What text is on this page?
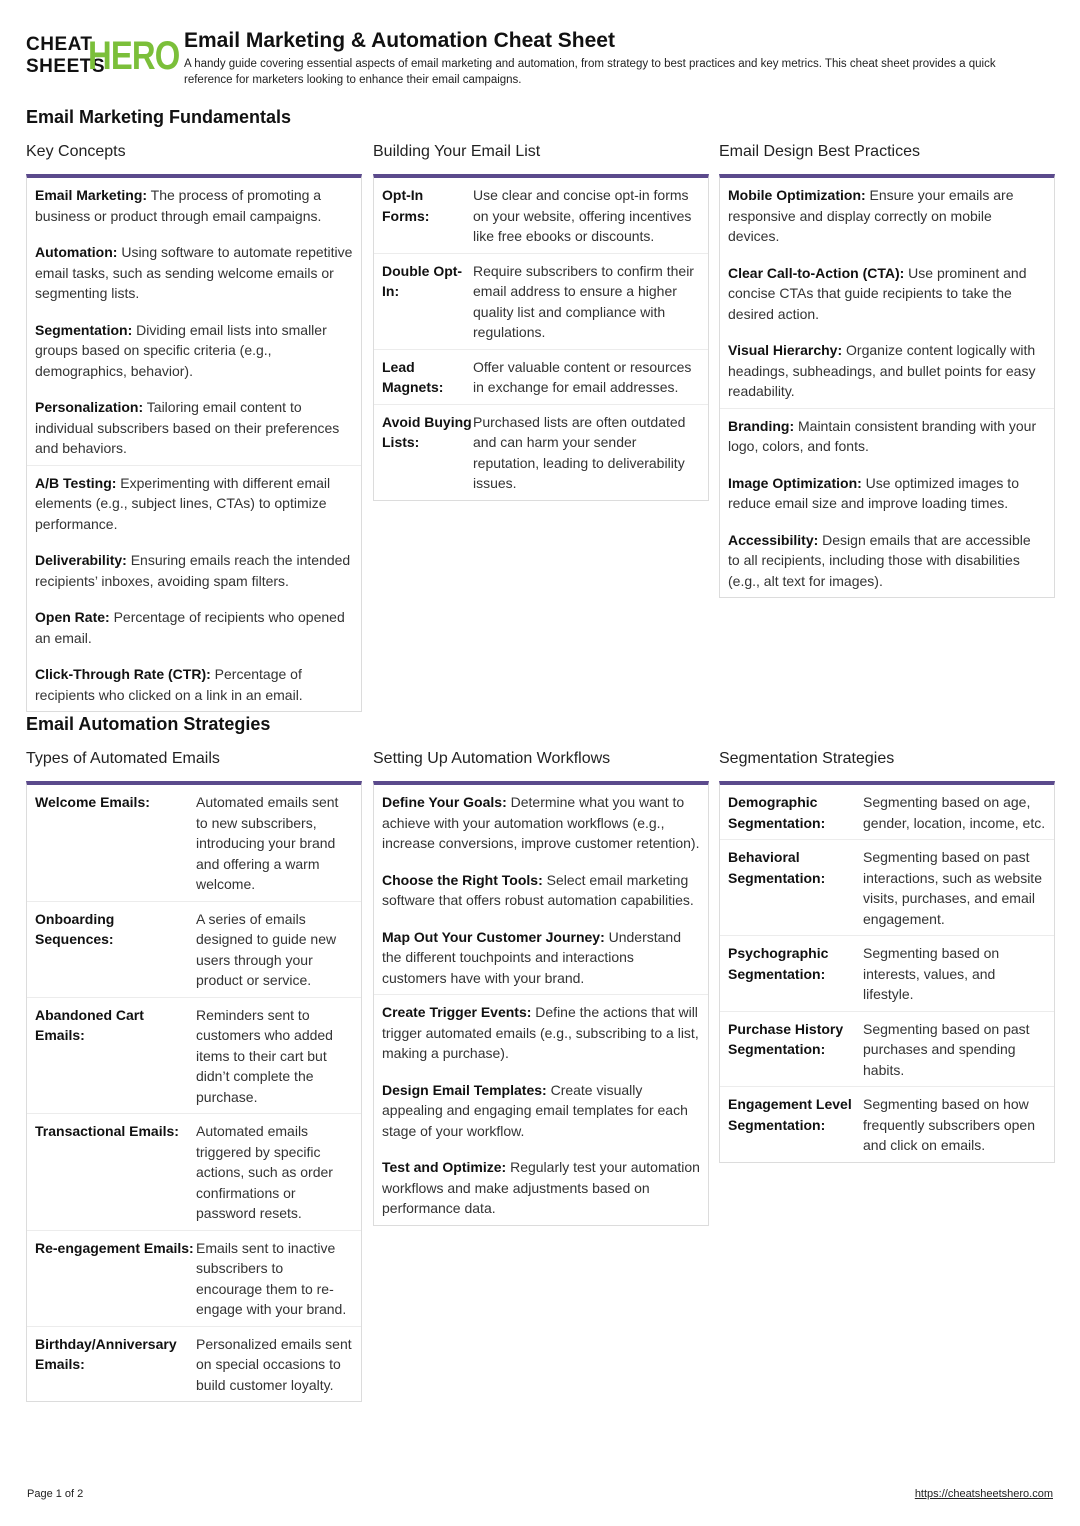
CHEAT
SHEETS
HERO Email Marketing & Automation Cheat Sheet
A handy guide covering essential aspects of email marketing and automation, from strategy to best practices and key metrics. This cheat sheet provides a quick reference for marketers looking to enhance their email campaigns.
Email Marketing Fundamentals
Key Concepts

Email Marketing: The process of promoting a business or product through email campaigns.

Automation: Using software to automate repetitive email tasks, such as sending welcome emails or segmenting lists.

Segmentation: Dividing email lists into smaller groups based on specific criteria (e.g., demographics, behavior).

Personalization: Tailoring email content to individual subscribers based on their preferences and behaviors.

A/B Testing: Experimenting with different email elements (e.g., subject lines, CTAs) to optimize performance.

Deliverability: Ensuring emails reach the intended recipients’ inboxes, avoiding spam filters.

Open Rate: Percentage of recipients who opened an email.

Click-Through Rate (CTR): Percentage of recipients who clicked on a link in an email.

Building Your Email List
Opt-In Forms:
Use clear and concise opt-in forms on your website, offering incentives like free ebooks or discounts.
Double Opt-In:
Require subscribers to confirm their email address to ensure a higher quality list and compliance with regulations.
Lead Magnets:
Offer valuable content or resources in exchange for email addresses.
Avoid Buying Lists:
Purchased lists are often outdated and can harm your sender reputation, leading to deliverability issues.
Email Design Best Practices

Mobile Optimization: Ensure your emails are responsive and display correctly on mobile devices.

Clear Call-to-Action (CTA): Use prominent and concise CTAs that guide recipients to take the desired action.

Visual Hierarchy: Organize content logically with headings, subheadings, and bullet points for easy readability.

Branding: Maintain consistent branding with your logo, colors, and fonts.

Image Optimization: Use optimized images to reduce email size and improve loading times.

Accessibility: Design emails that are accessible to all recipients, including those with disabilities (e.g., alt text for images).

Email Automation Strategies
Types of Automated Emails
Welcome Emails:	Automated emails sent to new subscribers, introducing your brand and offering a warm welcome.
Onboarding Sequences:
A series of emails designed to guide new users through your product or service.
Abandoned Cart Emails:
Reminders sent to customers who added items to their cart but didn’t complete the purchase.
Transactional Emails:	Automated emails triggered by specific actions, such as order confirmations or password resets.
Re-engagement Emails: Emails sent to inactive subscribers to encourage them to re-engage with your brand.
Birthday/Anniversary Emails:
Personalized emails sent on special occasions to build customer loyalty.
Setting Up Automation Workflows

Define Your Goals: Determine what you want to achieve with your automation workflows (e.g., increase conversions, improve customer retention).

Choose the Right Tools: Select email marketing software that offers robust automation capabilities.

Map Out Your Customer Journey: Understand the different touchpoints and interactions customers have with your brand.

Create Trigger Events: Define the actions that will trigger automated emails (e.g., subscribing to a list, making a purchase).

Design Email Templates: Create visually appealing and engaging email templates for each stage of your workflow.

Test and Optimize: Regularly test your automation workflows and make adjustments based on performance data.

Segmentation Strategies
Demographic Segmentation:
Segmenting based on age, gender, location, income, etc.
Behavioral Segmentation:
Segmenting based on past interactions, such as website visits, purchases, and email engagement.
Psychographic Segmentation:
Segmenting based on interests, values, and lifestyle.
Purchase History Segmentation:
Segmenting based on past purchases and spending habits.
Engagement Level Segmentation:
Segmenting based on how frequently subscribers open and click on emails.
Page 1 of 2	https://cheatsheetshero.com
